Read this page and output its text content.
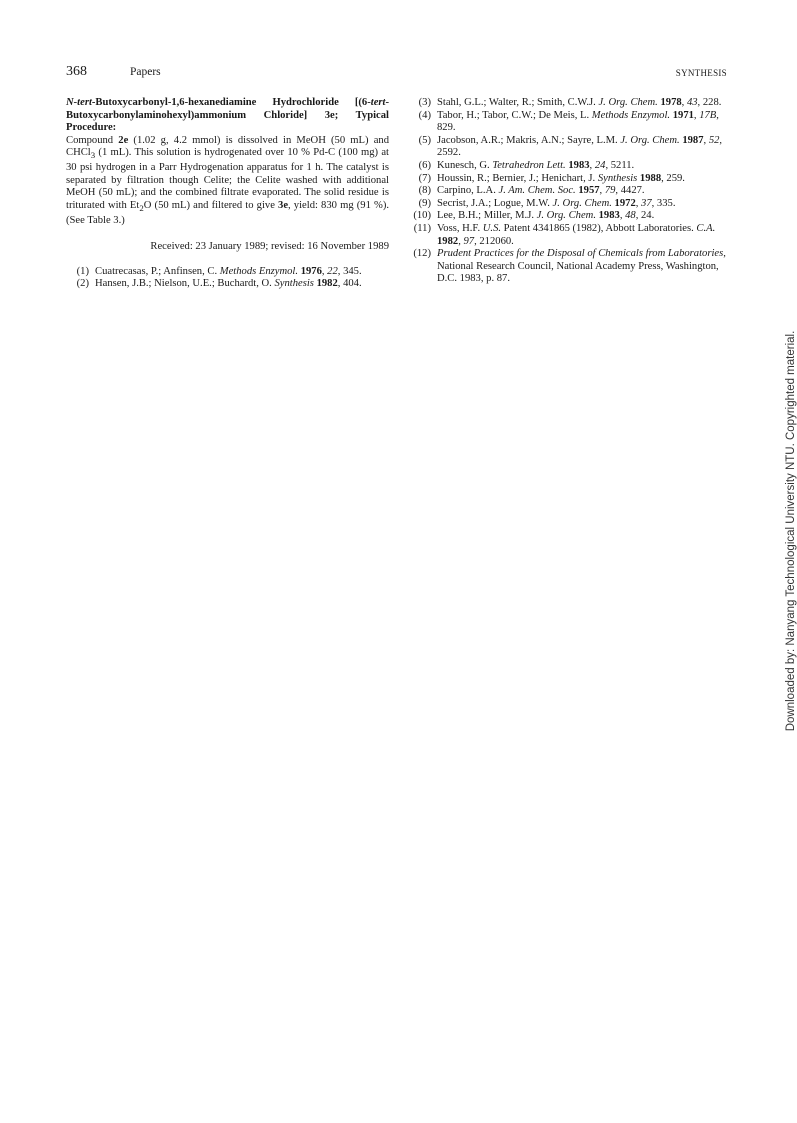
368	Papers	SYNTHESIS
N-tert-Butoxycarbonyl-1,6-hexanediamine Hydrochloride [(6-tert-Butoxycarbonylaminohexyl)ammonium Chloride] 3e; Typical Procedure:
Compound 2e (1.02 g, 4.2 mmol) is dissolved in MeOH (50 mL) and CHCl$_3$ (1 mL). This solution is hydrogenated over 10 % Pd-C (100 mg) at 30 psi hydrogen in a Parr Hydrogenation apparatus for 1 h. The catalyst is separated by filtration though Celite; the Celite washed with additional MeOH (50 mL); and the combined filtrate evaporated. The solid residue is triturated with $Et_2O$ (50 mL) and filtered to give 3e, yield: 830 mg (91 %). (See Table 3.)
Received: 23 January 1989; revised: 16 November 1989
(1) Cuatrecasas, P.; Anfinsen, C. Methods Enzymol. 1976, 22, 345.
(2) Hansen, J.B.; Nielson, U.E.; Buchardt, O. Synthesis 1982, 404.
(3) Stahl, G.L.; Walter, R.; Smith, C.W.J. J. Org. Chem. 1978, 43, 228.
(4) Tabor, H.; Tabor, C.W.; De Meis, L. Methods Enzymol. 1971, 17B, 829.
(5) Jacobson, A.R.; Makris, A.N.; Sayre, L.M. J. Org. Chem. 1987, 52, 2592.
(6) Kunesch, G. Tetrahedron Lett. 1983, 24, 5211.
(7) Houssin, R.; Bernier, J.; Henichart, J. Synthesis 1988, 259.
(8) Carpino, L.A. J. Am. Chem. Soc. 1957, 79, 4427.
(9) Secrist, J.A.; Logue, M.W. J. Org. Chem. 1972, 37, 335.
(10) Lee, B.H.; Miller, M.J. J. Org. Chem. 1983, 48, 24.
(11) Voss, H.F. U.S. Patent 4341865 (1982), Abbott Laboratories. C.A. 1982, 97, 212060.
(12) Prudent Practices for the Disposal of Chemicals from Laboratories, National Research Council, National Academy Press, Washington, D.C. 1983, p. 87.
Downloaded by: Nanyang Technological University NTU. Copyrighted material.
